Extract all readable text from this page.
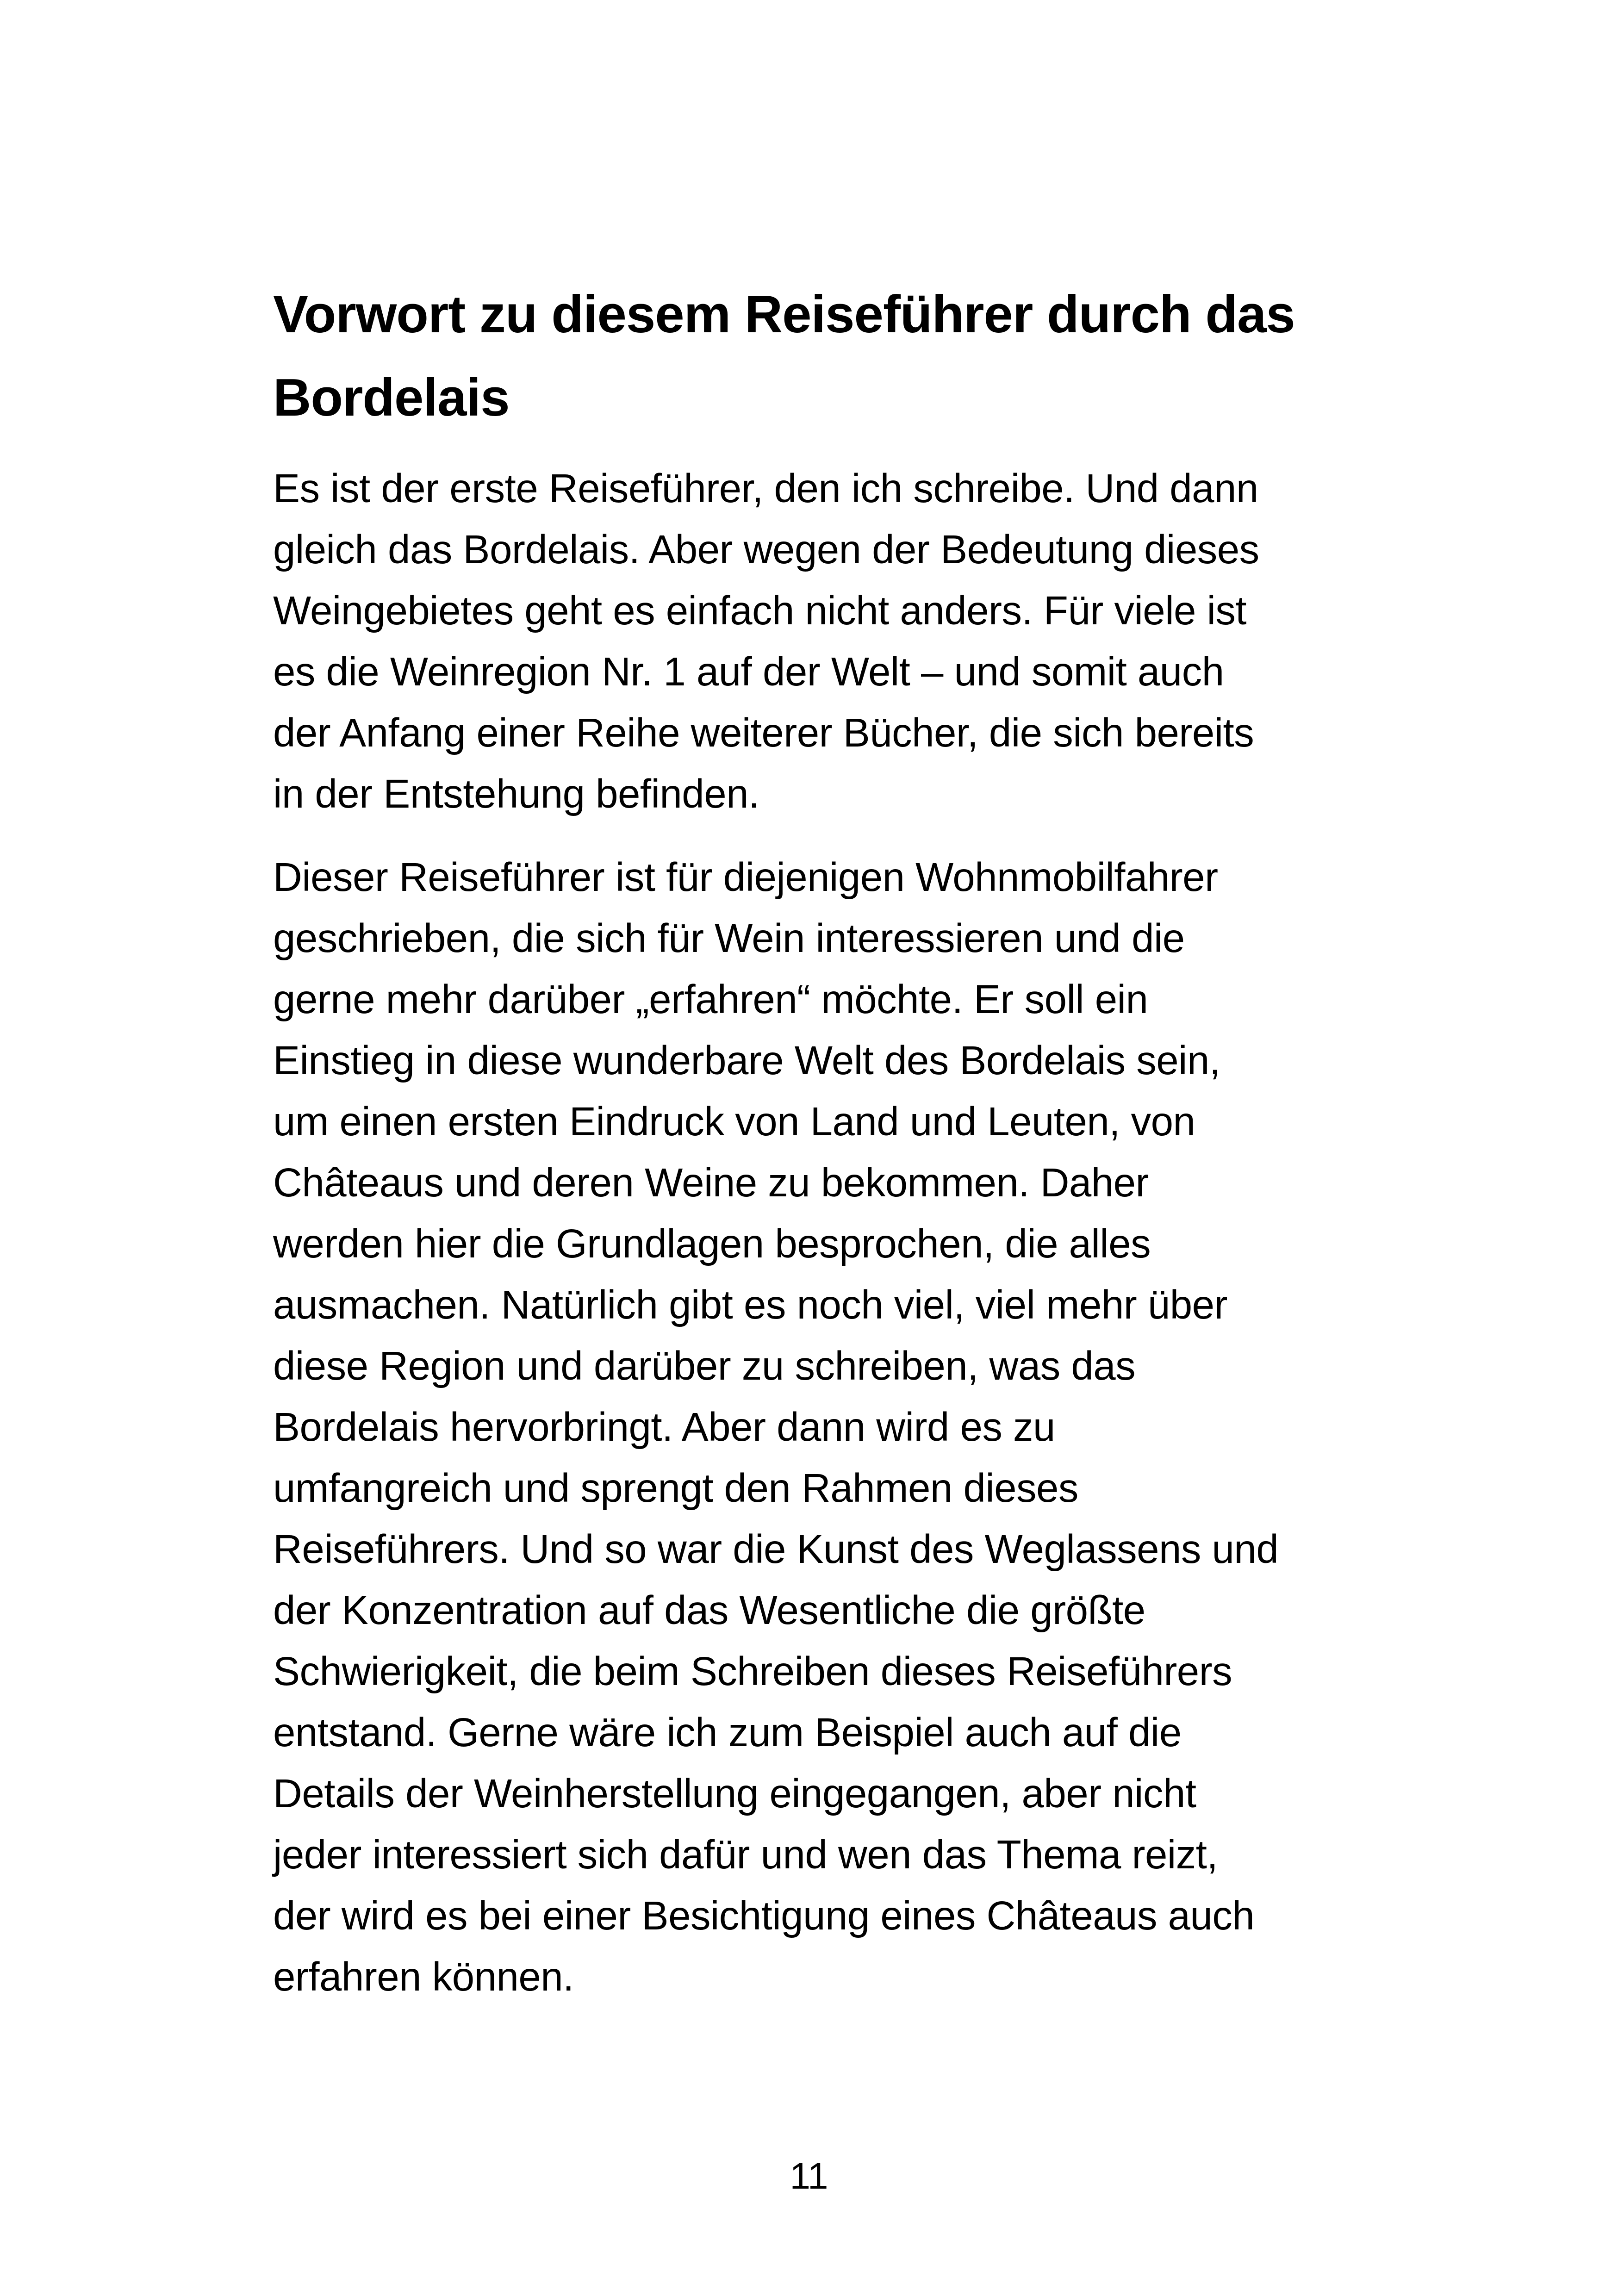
Vorwort zu diesem Reiseführer durch das
Bordelais

Es ist der erste Reiseführer, den ich schreibe. Und dann
gleich das Bordelais. Aber wegen der Bedeutung dieses
Weingebietes geht es einfach nicht anders. Für viele ist
es die Weinregion Nr. 1 auf der Welt – und somit auch
der Anfang einer Reihe weiterer Bücher, die sich bereits
in der Entstehung befinden.

Dieser Reiseführer ist für diejenigen Wohnmobilfahrer
geschrieben, die sich für Wein interessieren und die
gerne mehr darüber „erfahren“ möchte. Er soll ein
Einstieg in diese wunderbare Welt des Bordelais sein,
um einen ersten Eindruck von Land und Leuten, von
Châteaus und deren Weine zu bekommen. Daher
werden hier die Grundlagen besprochen, die alles
ausmachen. Natürlich gibt es noch viel, viel mehr über
diese Region und darüber zu schreiben, was das
Bordelais hervorbringt. Aber dann wird es zu
umfangreich und sprengt den Rahmen dieses
Reiseführers. Und so war die Kunst des Weglassens und
der Konzentration auf das Wesentliche die größte
Schwierigkeit, die beim Schreiben dieses Reiseführers
entstand. Gerne wäre ich zum Beispiel auch auf die
Details der Weinherstellung eingegangen, aber nicht
jeder interessiert sich dafür und wen das Thema reizt,
der wird es bei einer Besichtigung eines Châteaus auch
erfahren können.

11
